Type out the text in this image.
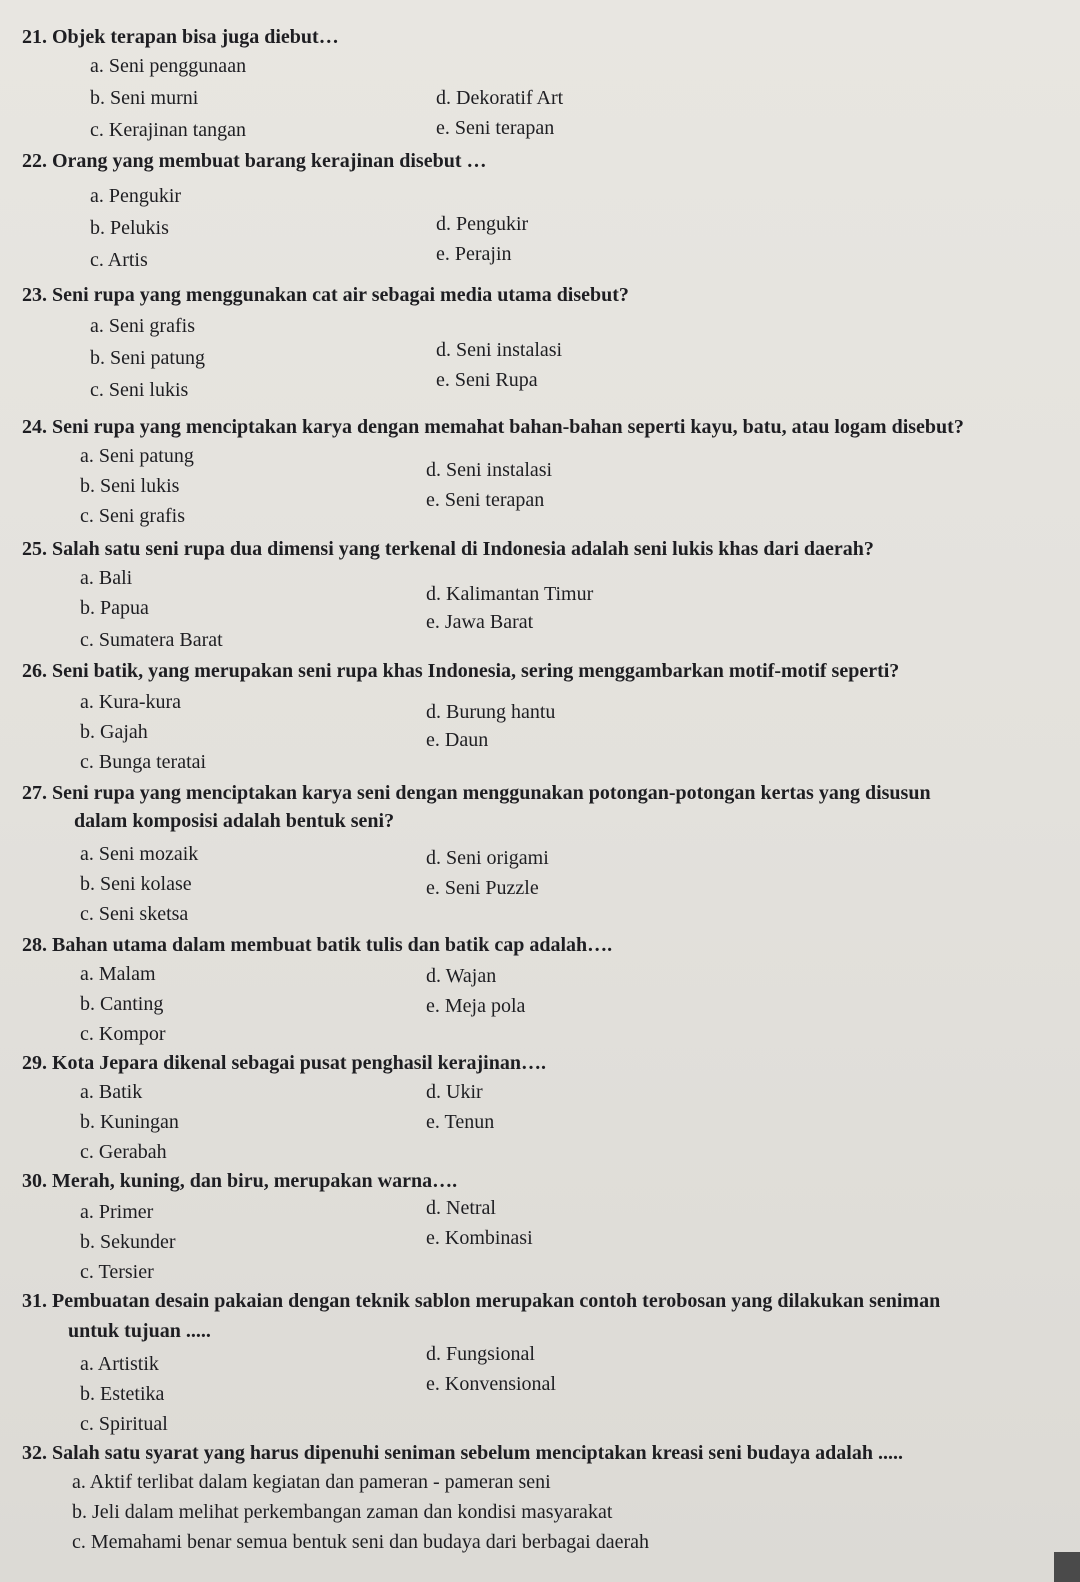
21. Objek terapan bisa juga diebut…
a. Seni penggunaan
b. Seni murni
c. Kerajinan tangan
d. Dekoratif Art
e. Seni terapan
22. Orang yang membuat barang kerajinan disebut …
a. Pengukir
b. Pelukis
c. Artis
d. Pengukir
e. Perajin
23. Seni rupa yang menggunakan cat air sebagai media utama disebut?
a. Seni grafis
b. Seni patung
c. Seni lukis
d. Seni instalasi
e. Seni Rupa
24. Seni rupa yang menciptakan karya dengan memahat bahan-bahan seperti kayu, batu, atau logam disebut?
a. Seni patung
b. Seni lukis
c. Seni grafis
d. Seni instalasi
e. Seni terapan
25. Salah satu seni rupa dua dimensi yang terkenal di Indonesia adalah seni lukis khas dari daerah?
a. Bali
b. Papua
c. Sumatera Barat
d. Kalimantan Timur
e. Jawa Barat
26. Seni batik, yang merupakan seni rupa khas Indonesia, sering menggambarkan motif-motif seperti?
a. Kura-kura
b. Gajah
c. Bunga teratai
d. Burung hantu
e. Daun
27. Seni rupa yang menciptakan karya seni dengan menggunakan potongan-potongan kertas yang disusun
dalam komposisi adalah bentuk seni?
a. Seni mozaik
b. Seni kolase
c. Seni sketsa
d. Seni origami
e. Seni Puzzle
28. Bahan utama dalam membuat batik tulis dan batik cap adalah….
a. Malam
b. Canting
c. Kompor
d. Wajan
e. Meja pola
29. Kota Jepara dikenal sebagai pusat penghasil kerajinan….
a. Batik
b. Kuningan
c. Gerabah
d. Ukir
e. Tenun
30. Merah, kuning, dan biru, merupakan warna….
a. Primer
b. Sekunder
c. Tersier
d. Netral
e. Kombinasi
31. Pembuatan desain pakaian dengan teknik sablon merupakan contoh terobosan yang dilakukan seniman
untuk tujuan .....
a. Artistik
b. Estetika
c. Spiritual
d. Fungsional
e. Konvensional
32. Salah satu syarat yang harus dipenuhi seniman sebelum menciptakan kreasi seni budaya adalah .....
a. Aktif terlibat dalam kegiatan dan pameran - pameran seni
b. Jeli dalam melihat perkembangan zaman dan kondisi masyarakat
c. Memahami benar semua bentuk seni dan budaya dari berbagai daerah
